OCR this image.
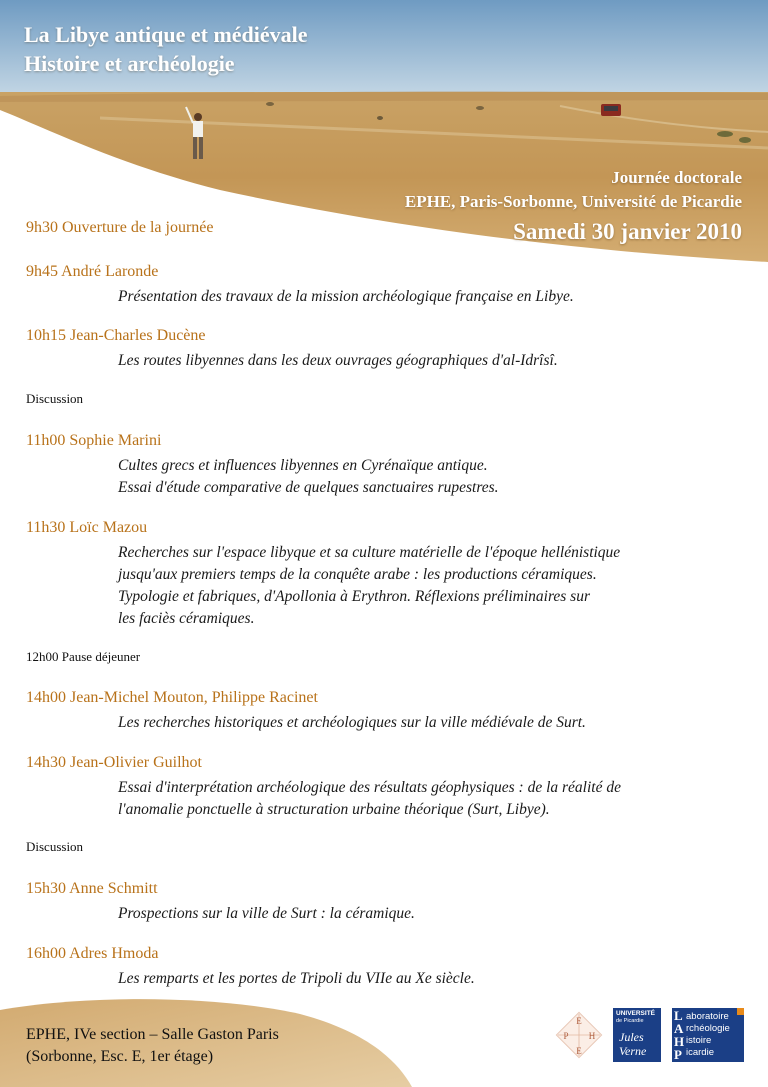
La Libye antique et médiévale
Histoire et archéologie
Journée doctorale
EPHE, Paris-Sorbonne, Université de Picardie
Samedi 30 janvier 2010
9h30 Ouverture de la journée
9h45 André Laronde
Présentation des travaux de la mission archéologique française en Libye.
10h15 Jean-Charles Ducène
Les routes libyennes dans les deux ouvrages géographiques d'al-Idrîsî.
Discussion
11h00 Sophie Marini
Cultes grecs et influences libyennes en Cyrénaïque antique.
Essai d'étude comparative de quelques sanctuaires rupestres.
11h30 Loïc Mazou
Recherches sur l'espace libyque et sa culture matérielle de l'époque hellénistique
jusqu'aux premiers temps de la conquête arabe : les productions céramiques.
Typologie et fabriques, d'Apollonia à Erythron. Réflexions préliminaires sur
les faciès céramiques.
12h00 Pause déjeuner
14h00 Jean-Michel Mouton, Philippe Racinet
Les recherches historiques et archéologiques sur la ville médiévale de Surt.
14h30 Jean-Olivier Guilhot
Essai d'interprétation archéologique des résultats géophysiques : de la réalité de
l'anomalie ponctuelle à structuration urbaine théorique (Surt, Libye).
Discussion
15h30 Anne Schmitt
Prospections sur la ville de Surt : la céramique.
16h00 Adres Hmoda
Les remparts et les portes de Tripoli du VIIe au Xe siècle.
EPHE, IVe section – Salle Gaston Paris
(Sorbonne, Esc. E, 1er étage)
E
P H
E
UNIVERSITÉ
de Picardie
Jules Verne
L
A
H
P
aboratoire
rchéologie
istoire
icardie
